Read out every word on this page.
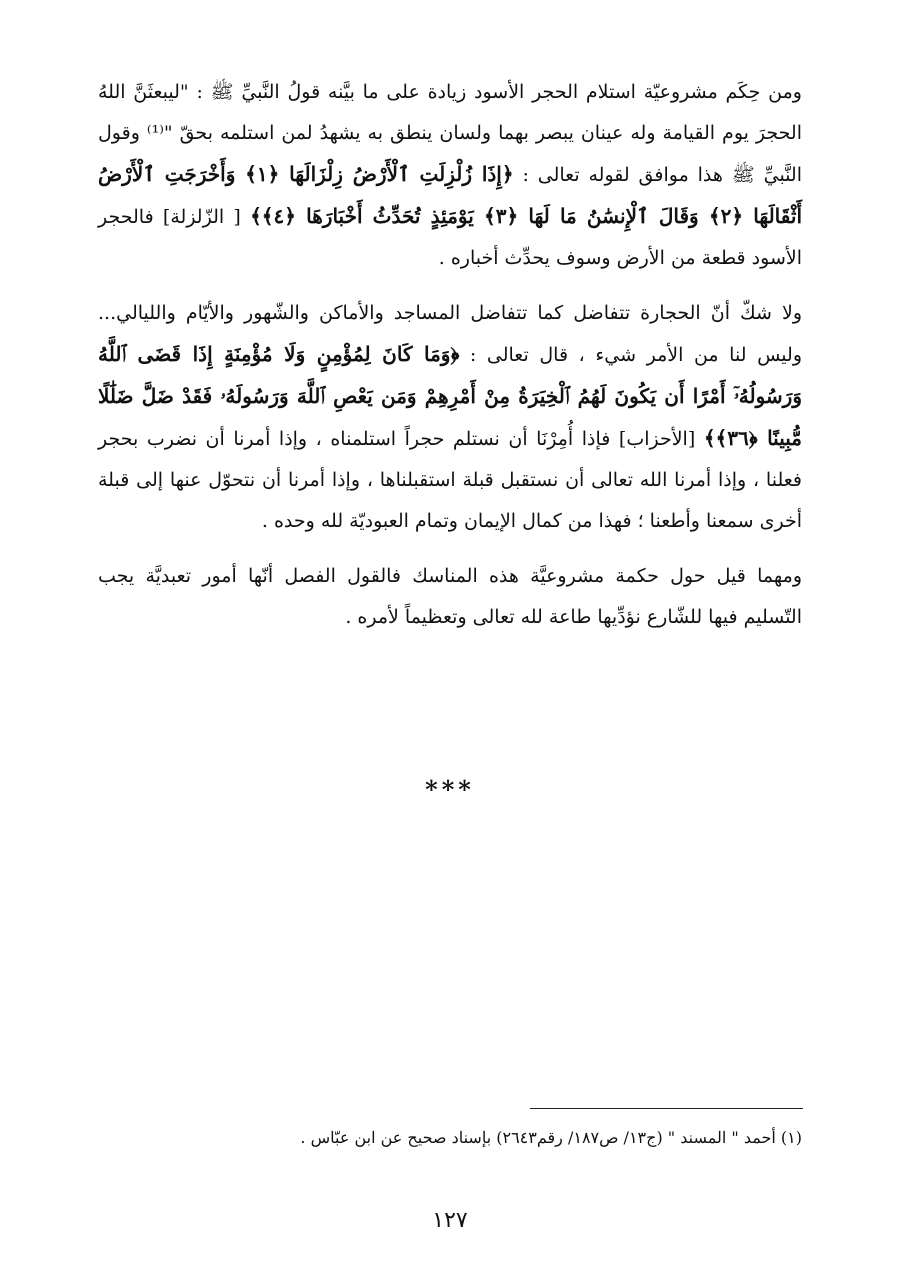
ومن حِكَم مشروعيّة استلام الحجر الأسود زيادة على ما بيَّنه قولُ النَّبيِّ ﷺ : "ليبعثَنَّ اللهُ الحجرَ يوم القيامة وله عينان يبصر بهما ولسان ينطق به يشهدُ لمن استلمه بحقّ "⁽¹⁾ وقول النَّبيِّ ﷺ هذا موافق لقوله تعالى : ﴿إِذَا زُلْزِلَتِ ٱلْأَرْضُ زِلْزَالَهَا ﴿١﴾ وَأَخْرَجَتِ ٱلْأَرْضُ أَثْقَالَهَا ﴿٢﴾ وَقَالَ ٱلْإِنسَٰنُ مَا لَهَا ﴿٣﴾ يَوْمَئِذٍ تُحَدِّثُ أَخْبَارَهَا ﴿٤﴾﴾ [ الزّلزلة] فالحجر الأسود قطعة من الأرض وسوف يحدِّث أخباره .

ولا شكّ أنّ الحجارة تتفاضل كما تتفاضل المساجد والأماكن والشّهور والأيّام والليالي... وليس لنا من الأمر شيء ، قال تعالى : ﴿وَمَا كَانَ لِمُؤْمِنٍ وَلَا مُؤْمِنَةٍ إِذَا قَضَى ٱللَّهُ وَرَسُولُهُۥٓ أَمْرًا أَن يَكُونَ لَهُمُ ٱلْخِيَرَةُ مِنْ أَمْرِهِمْ وَمَن يَعْصِ ٱللَّهَ وَرَسُولَهُۥ فَقَدْ ضَلَّ ضَلَٰلًا مُّبِينًا ﴿٣٦﴾﴾ [الأحزاب] فإذا أُمِرْنَا أن نستلم حجراً استلمناه ، وإذا أمرنا أن نضرب بحجر فعلنا ، وإذا أمرنا الله تعالى أن نستقبل قبلة استقبلناها ، وإذا أمرنا أن نتحوّل عنها إلى قبلة أخرى سمعنا وأطعنا ؛ فهذا من كمال الإيمان وتمام العبوديّة لله وحده .

ومهما قيل حول حكمة مشروعيَّة هذه المناسك فالقول الفصل أنّها أمور تعبديَّة يجب التّسليم فيها للشّارع نؤدِّيها طاعة لله تعالى وتعظيماً لأمره .

***
(١) أحمد " المسند " (ج١٣/ ص١٨٧/ رقم٢٦٤٣) بإسناد صحيح عن ابن عبّاس .
١٢٧
